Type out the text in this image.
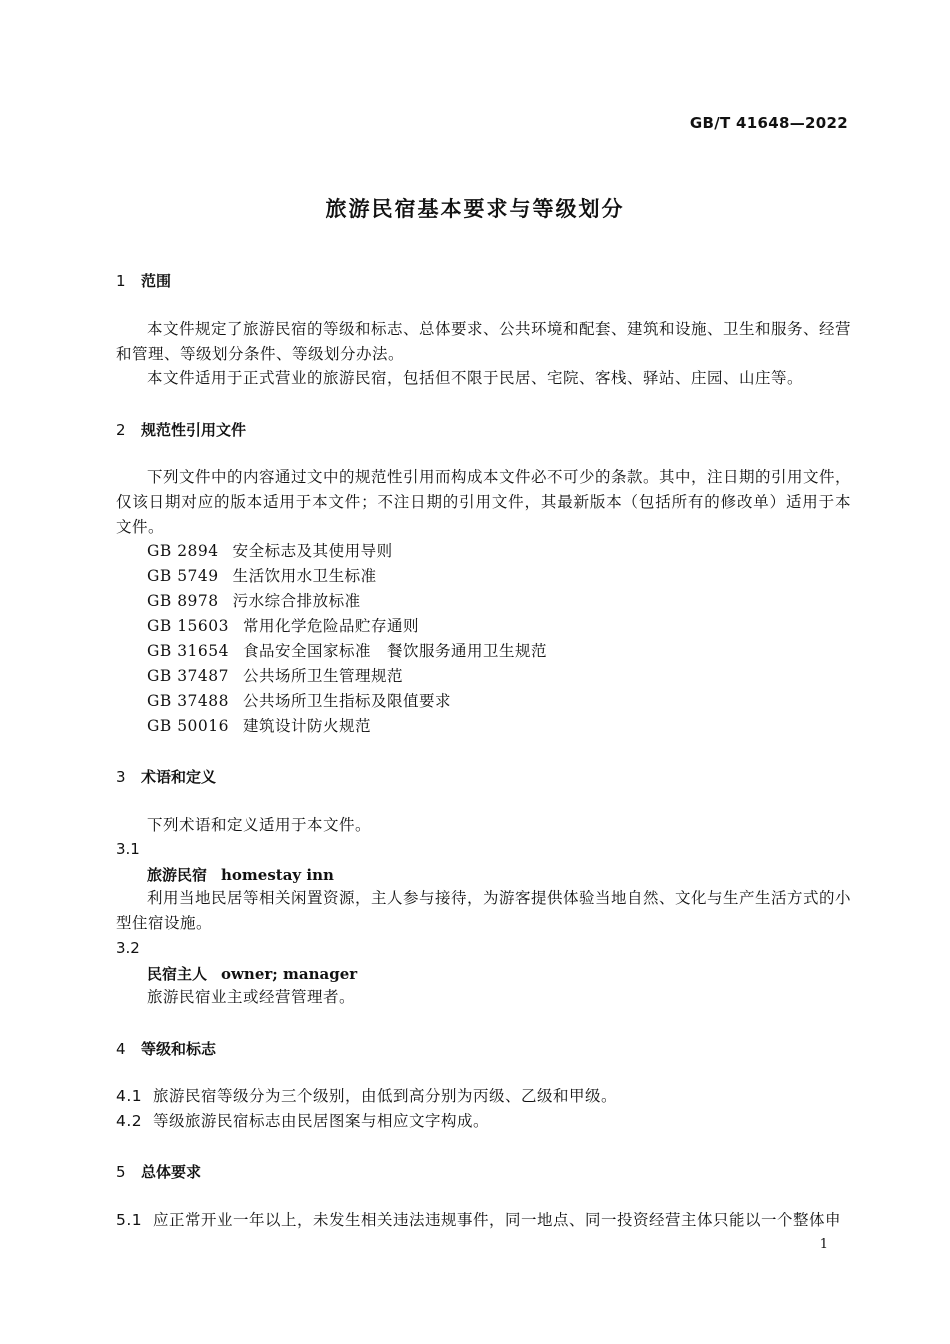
GB/T 41648—2022
旅游民宿基本要求与等级划分
1 范围
本文件规定了旅游民宿的等级和标志、总体要求、公共环境和配套、建筑和设施、卫生和服务、经营和管理、等级划分条件、等级划分办法。
本文件适用于正式营业的旅游民宿，包括但不限于民居、宅院、客栈、驿站、庄园、山庄等。
2 规范性引用文件
下列文件中的内容通过文中的规范性引用而构成本文件必不可少的条款。其中，注日期的引用文件，仅该日期对应的版本适用于本文件；不注日期的引用文件，其最新版本（包括所有的修改单）适用于本文件。
GB 2894 安全标志及其使用导则
GB 5749 生活饮用水卫生标准
GB 8978 污水综合排放标准
GB 15603 常用化学危险品贮存通则
GB 31654 食品安全国家标准　餐饮服务通用卫生规范
GB 37487 公共场所卫生管理规范
GB 37488 公共场所卫生指标及限值要求
GB 50016 建筑设计防火规范
3 术语和定义
下列术语和定义适用于本文件。
3.1
旅游民宿 homestay inn
利用当地民居等相关闲置资源，主人参与接待，为游客提供体验当地自然、文化与生产生活方式的小型住宿设施。
3.2
民宿主人 owner; manager
旅游民宿业主或经营管理者。
4 等级和标志
4.1 旅游民宿等级分为三个级别，由低到高分别为丙级、乙级和甲级。
4.2 等级旅游民宿标志由民居图案与相应文字构成。
5 总体要求
5.1 应正常开业一年以上，未发生相关违法违规事件，同一地点、同一投资经营主体只能以一个整体申
1
